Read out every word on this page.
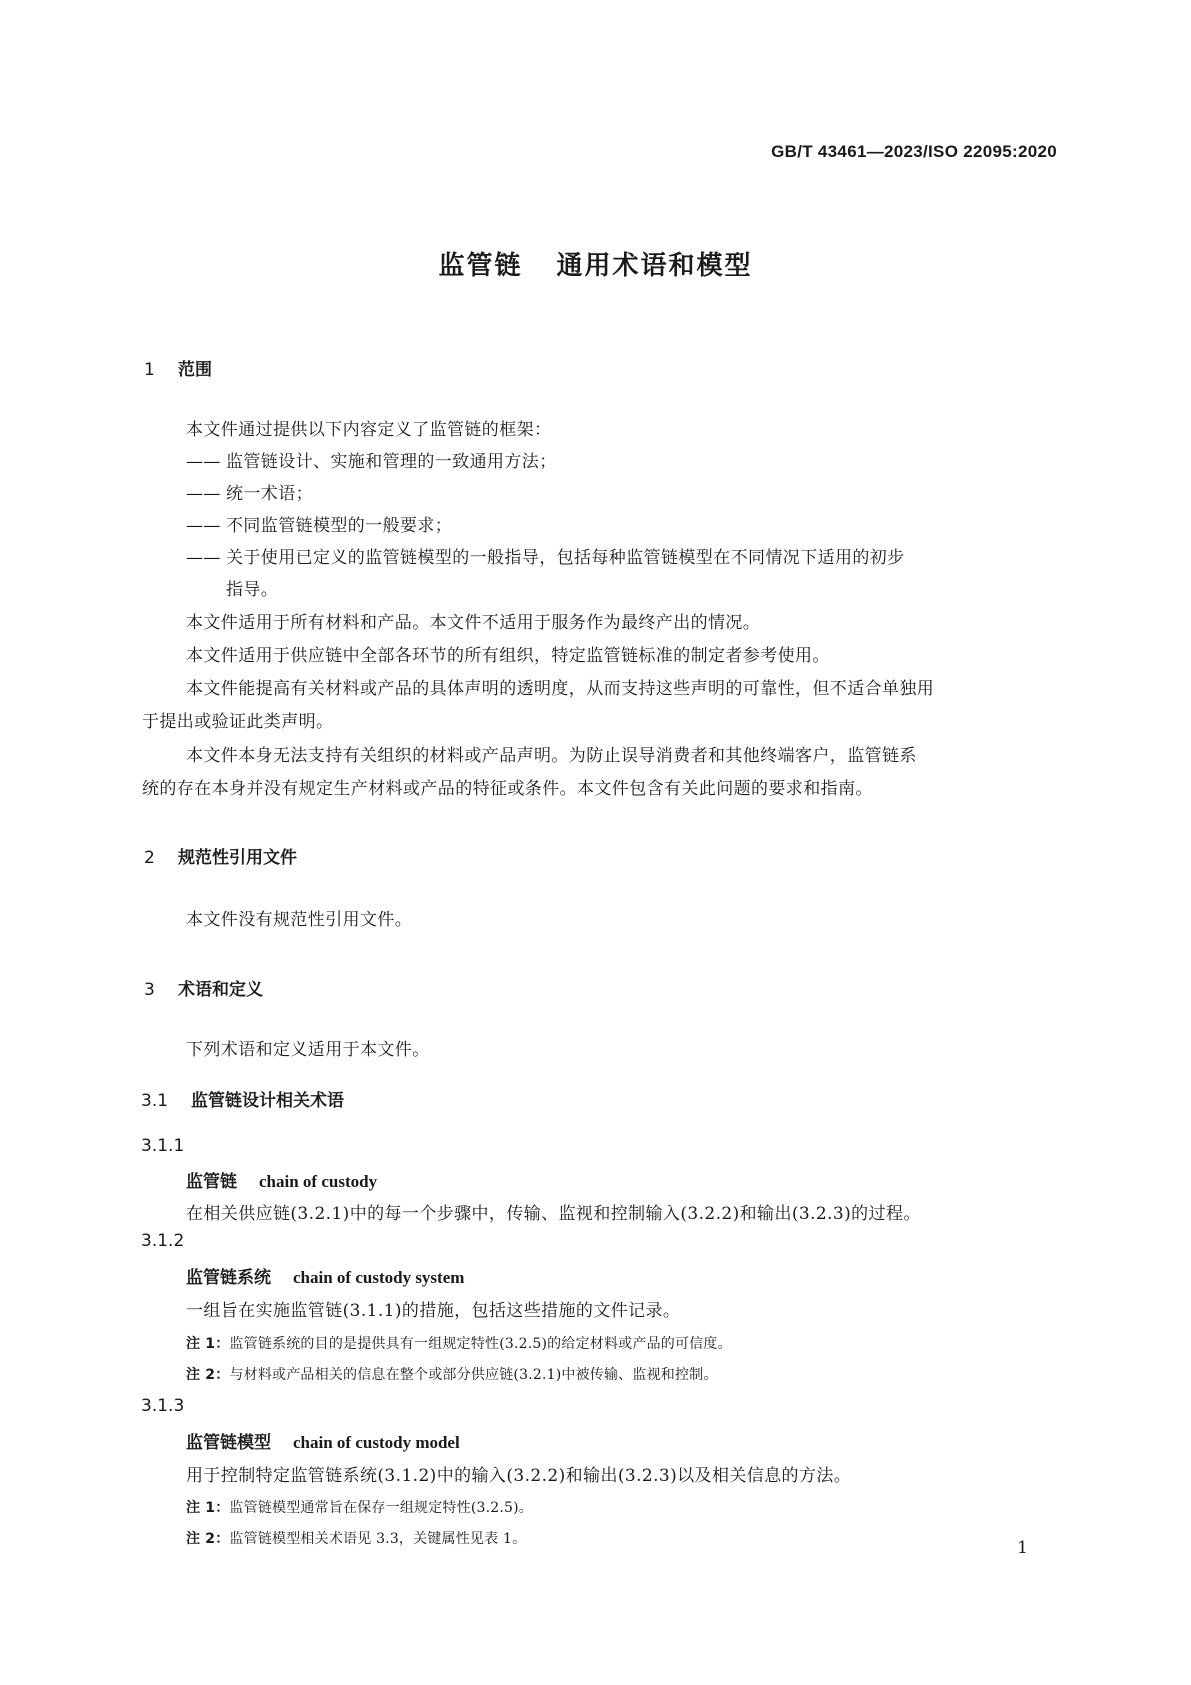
GB/T 43461—2023/ISO 22095:2020
监管链 通用术语和模型
1 范围
本文件通过提供以下内容定义了监管链的框架：
—— 监管链设计、实施和管理的一致通用方法；
—— 统一术语；
—— 不同监管链模型的一般要求；
—— 关于使用已定义的监管链模型的一般指导，包括每种监管链模型在不同情况下适用的初步
指导。
本文件适用于所有材料和产品。本文件不适用于服务作为最终产出的情况。
本文件适用于供应链中全部各环节的所有组织，特定监管链标准的制定者参考使用。
本文件能提高有关材料或产品的具体声明的透明度，从而支持这些声明的可靠性，但不适合单独用
于提出或验证此类声明。
本文件本身无法支持有关组织的材料或产品声明。为防止误导消费者和其他终端客户，监管链系
统的存在本身并没有规定生产材料或产品的特征或条件。本文件包含有关此问题的要求和指南。
2 规范性引用文件
本文件没有规范性引用文件。
3 术语和定义
下列术语和定义适用于本文件。
3.1 监管链设计相关术语
3.1.1
监管链 chain of custody
在相关供应链(3.2.1)中的每一个步骤中，传输、监视和控制输入(3.2.2)和输出(3.2.3)的过程。
3.1.2
监管链系统 chain of custody system
一组旨在实施监管链(3.1.1)的措施，包括这些措施的文件记录。
注 1：监管链系统的目的是提供具有一组规定特性(3.2.5)的给定材料或产品的可信度。
注 2：与材料或产品相关的信息在整个或部分供应链(3.2.1)中被传输、监视和控制。
3.1.3
监管链模型 chain of custody model
用于控制特定监管链系统(3.1.2)中的输入(3.2.2)和输出(3.2.3)以及相关信息的方法。
注 1：监管链模型通常旨在保存一组规定特性(3.2.5)。
注 2：监管链模型相关术语见 3.3，关键属性见表 1。	1
